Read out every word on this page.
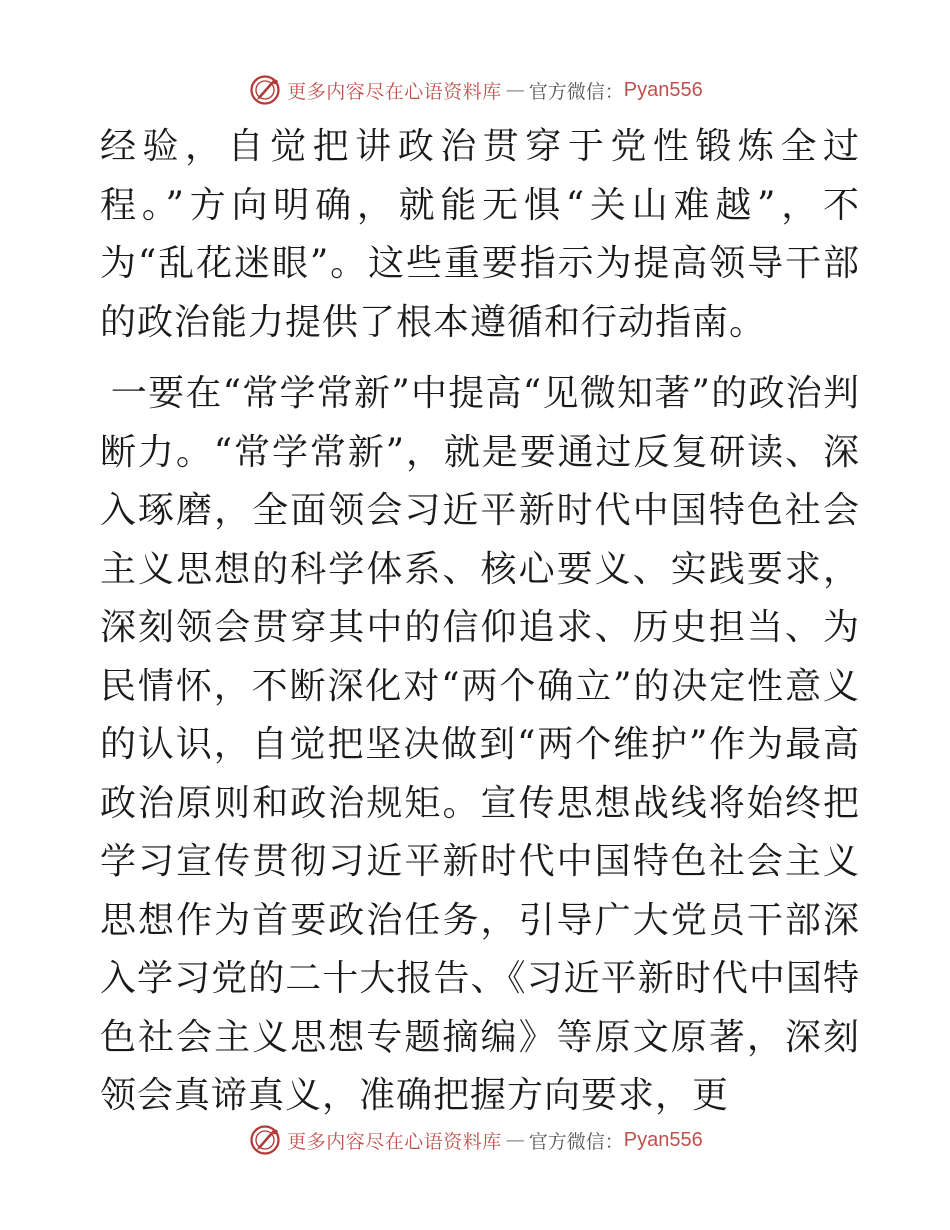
更多内容尽在心语资料库 — 官方微信： Pyan556

经验，自觉把讲政治贯穿于党性锻炼全过程。”方向明确，就能无惧“关山难越”，不为“乱花迷眼”。这些重要指示为提高领导干部的政治能力提供了根本遵循和行动指南。

一要在“常学常新”中提高“见微知著”的政治判断力。“常学常新”，就是要通过反复研读、深入琢磨，全面领会习近平新时代中国特色社会主义思想的科学体系、核心要义、实践要求，深刻领会贯穿其中的信仰追求、历史担当、为民情怀，不断深化对“两个确立”的决定性意义的认识，自觉把坚决做到“两个维护”作为最高政治原则和政治规矩。宣传思想战线将始终把学习宣传贯彻习近平新时代中国特色社会主义思想作为首要政治任务，引导广大党员干部深入学习党的二十大报告、《习近平新时代中国特色社会主义思想专题摘编》等原文原著，深刻领会真谛真义，准确把握方向要求，更

更多内容尽在心语资料库 — 官方微信： Pyan556
